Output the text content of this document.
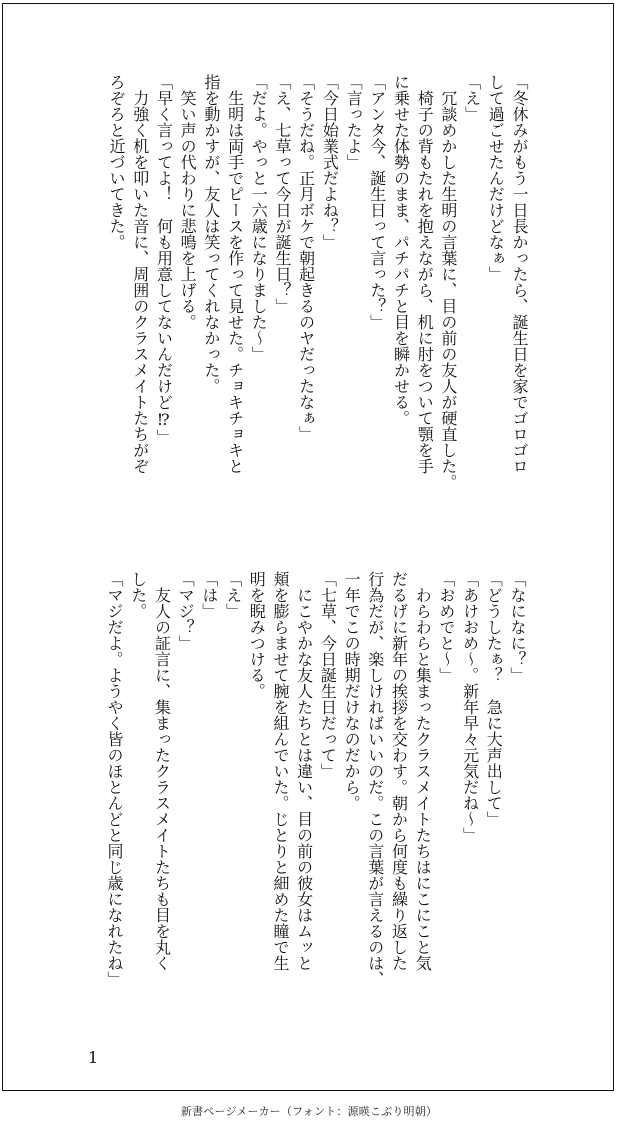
「冬休みがもう一日長かったら、誕生日を家でゴロゴロ
して過ごせたんだけどなぁ」
「え」
　冗談めかした生明の言葉に、目の前の友人が硬直した。
　椅子の背もたれを抱えながら、机に肘をついて顎を手
に乗せた体勢のまま、パチパチと目を瞬かせる。
「アンタ今、誕生日って言った？」
「言ったよ」
「今日始業式だよね？」
「そうだね。正月ボケで朝起きるのヤだったなぁ」
「え、七草って今日が誕生日？」
「だよ。やっと一六歳になりました〜」
　生明は両手でピースを作って見せた。チョキチョキと
指を動かすが、友人は笑ってくれなかった。
　笑い声の代わりに悲鳴を上げる。
「早く言ってよ！　何も用意してないんだけど⁉」
　力強く机を叩いた音に、周囲のクラスメイトたちがぞ
ろぞろと近づいてきた。
「なになに？」
「どうしたぁ？　急に大声出して」
「あけおめ〜。新年早々元気だね〜」
「おめでと〜」
　わらわらと集まったクラスメイトたちはにこにこと気
だるげに新年の挨拶を交わす。朝から何度も繰り返した
行為だが、楽しければいいのだ。この言葉が言えるのは、
一年でこの時期だけなのだから。
「七草、今日誕生日だって」
　にこやかな友人たちとは違い、目の前の彼女はムッと
頬を膨らませて腕を組んでいた。じとりと細めた瞳で生
明を睨みつける。
「え」
「は」
「マジ？」
　友人の証言に、集まったクラスメイトたちも目を丸く
した。
「マジだよ。ようやく皆のほとんどと同じ歳になれたね」
1
新書ページメーカー（フォント：源暎こぶり明朝）
